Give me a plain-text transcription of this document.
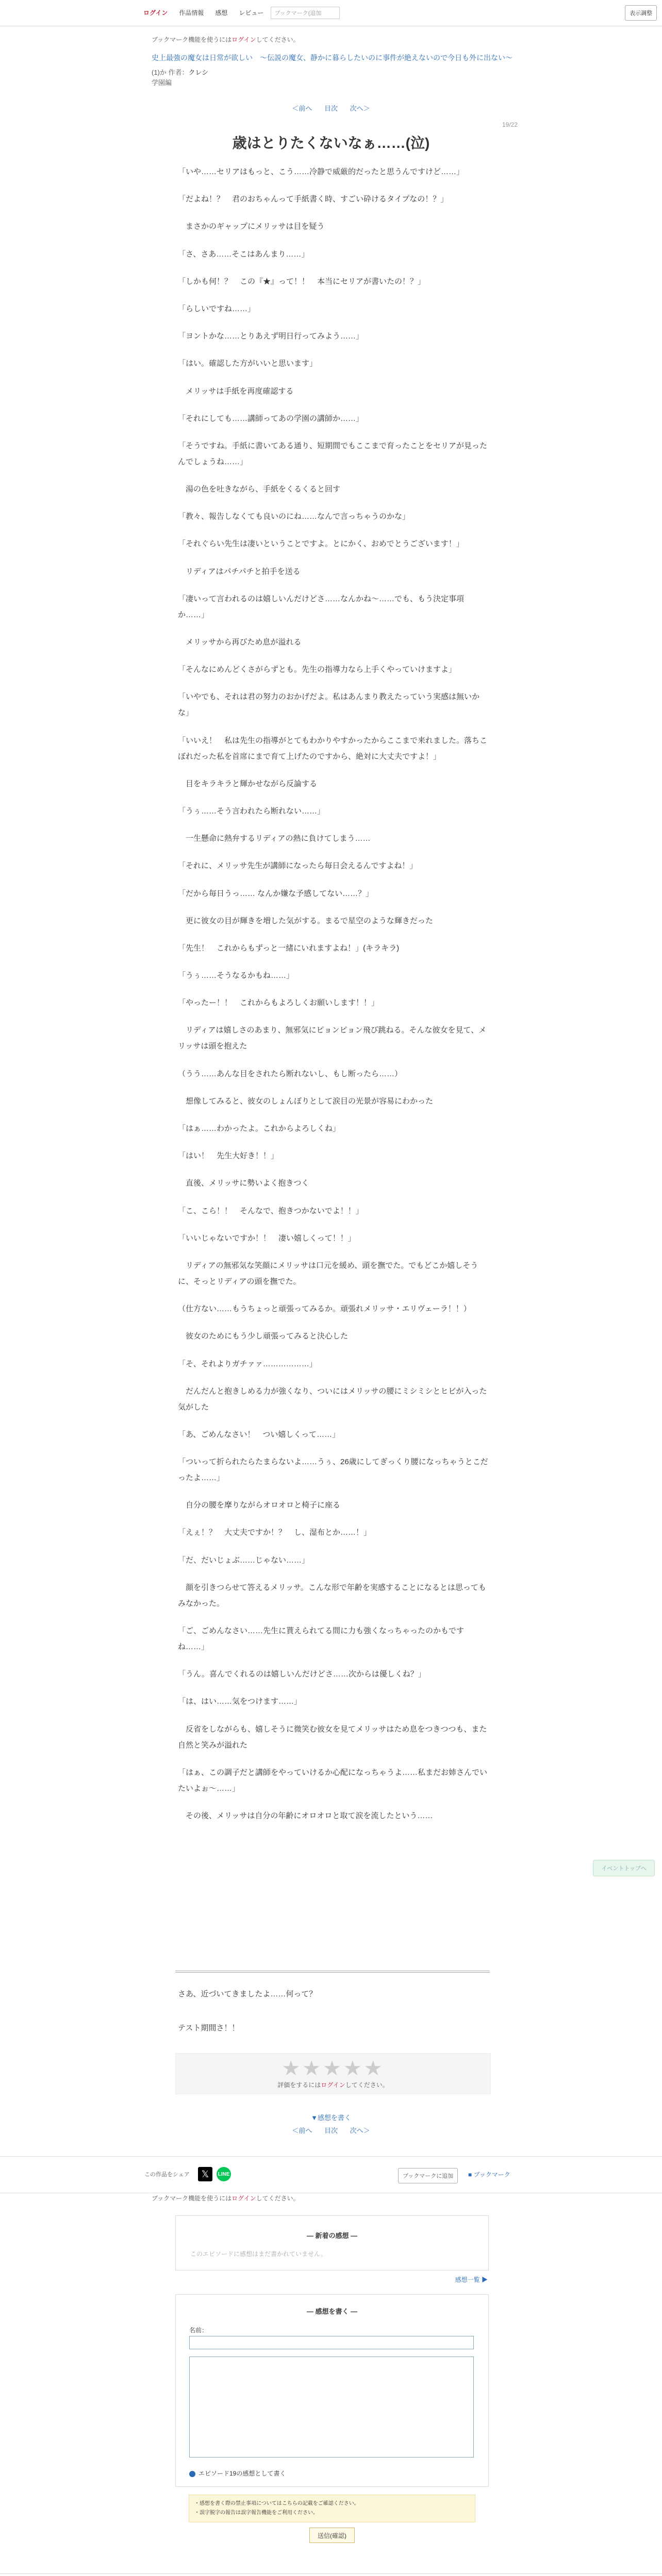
ログイン	作品情報	感想	レビュー	ブックマーク(追加	表示調整
ブックマーク機能を使うにはログインしてください。
史上最強の魔女は日常が欲しい　～伝説の魔女、静かに暮らしたいのに事件が絶えないので今日も外に出ない～
(1)か 作者：クレシ
学園編
＜前へ 目次 次へ＞
19/22
歳はとりたくないなぁ……(泣)

「いや……セリアはもっと、こう……冷静で威厳的だったと思うんですけど……」

「だよね！？　君のおちゃんって手紙書く時、すごい砕けるタイプなの！？」

　まさかのギャップにメリッサは目を疑う

「さ、さあ……そこはあんまり……」

「しかも何！？　この『★』って！！　本当にセリアが書いたの！？」

「らしいですね……」

「ヨントかな……とりあえず明日行ってみよう……」

「はい。確認した方がいいと思います」

　メリッサは手紙を再度確認する

「それにしても……講師ってあの学園の講師か……」

「そうですね。手紙に書いてある通り、短期間でもここまで育ったことをセリアが見ったんでしょうね……」

　湯の色を吐きながら、手紙をくるくると回す

「教々、報告しなくても良いのにね……なんで言っちゃうのかな」

「それぐらい先生は凄いということですよ。とにかく、おめでとうございます！」

　リディアはパチパチと拍手を送る

「凄いって言われるのは嬉しいんだけどさ……なんかね～……でも、もう決定事項か……」

　メリッサから再びため息が溢れる

「そんなにめんどくさがらずとも。先生の指導力なら上手くやっていけますよ」

「いやでも、それは君の努力のおかげだよ。私はあんまり教えたっていう実感は無いかな」

「いいえ！　私は先生の指導がとてもわかりやすかったからここまで来れました。落ちこぼれだった私を首席にまで育て上げたのですから、絶対に大丈夫ですよ！」

　目をキラキラと輝かせながら反論する

「うぅ……そう言われたら断れない……」

　一生懸命に熱弁するリディアの熱に負けてしまう……

「それに、メリッサ先生が講師になったら毎日会えるんですよね！」

「だから毎日うっ…… なんか嫌な予感してない……？」

　更に彼女の目が輝きを増した気がする。まるで星空のような輝きだった

「先生！　これからもずっと一緒にいれますよね！」(キラキラ)

「うぅ……そうなるかもね……」

「やったー！！　これからもよろしくお願いします！！」

　リディアは嬉しさのあまり、無邪気にピョンピョン飛び跳ねる。そんな彼女を見て、メリッサは頭を抱えた

（うう……あんな目をされたら断れないし、もし断ったら……）

　想像してみると、彼女のしょんぼりとして涙目の光景が容易にわかった

「はぁ……わかったよ。これからよろしくね」

「はい！　先生大好き！！」

　直後、メリッサに勢いよく抱きつく

「こ、こら！！　そんなで、抱きつかないでよ！！」

「いいじゃないですか！！　凄い嬉しくって！！」

　リディアの無邪気な笑顔にメリッサは口元を緩め、頭を撫でた。でもどこか嬉しそうに、そっとリディアの頭を撫でた。

（仕方ない……もうちょっと頑張ってみるか。頑張れメリッサ・エリヴェーラ！！）

　彼女のためにもう少し頑張ってみると決心した

「そ、それよりガチァァ………………」

　だんだんと抱きしめる力が強くなり、ついにはメリッサの腰にミシミシとヒビが入った気がした

「あ、ごめんなさい！　つい嬉しくって……」

「ついって折られたらたまらないよ……うぅ、26歳にしてぎっくり腰になっちゃうとこだったよ……」

　自分の腰を摩りながらオロオロと椅子に座る

「えぇ！？　大丈夫ですか！？　し、湿布とか……！」

「だ、だいじょぶ……じゃない……」

　顔を引きつらせて答えるメリッサ。こんな形で年齢を実感することになるとは思ってもみなかった。

「ご、ごめんなさい……先生に貰えられてる間に力も強くなっちゃったのかもですね……」

「うん。喜んでくれるのは嬉しいんだけどさ……次からは優しくね？」

「は、はい……気をつけます……」

　反省をしながらも、嬉しそうに微笑む彼女を見てメリッサはため息をつきつつも、また自然と笑みが溢れた

「はぁ、この調子だと講師をやっていけるか心配になっちゃうよ……私まだお姉さんでいたいよぉ～……」

　その後、メリッサは自分の年齢にオロオロと取て涙を流したという……

イベントトップへ

さあ、近づいてきましたよ……何って？

テスト期間さ！！

★★★★★
評価をするにはログインしてください。
▼感想を書く
＜前へ 目次 次へ＞
この作品をシェア	𝕏	LINE	ブックマークに追加	■ ブックマーク
ブックマーク機能を使うにはログインしてください。
― 新着の感想 ―
このエピソードに感想はまだ書かれていません。
感想一覧 ▶
― 感想を書く ―
名前：
エピソード19の感想として書く
・感想を書く際の禁止事項についてはこちらの記載をご確認ください。
・誤字脱字の報告は誤字報告機能をご利用ください。
送信(確認)
